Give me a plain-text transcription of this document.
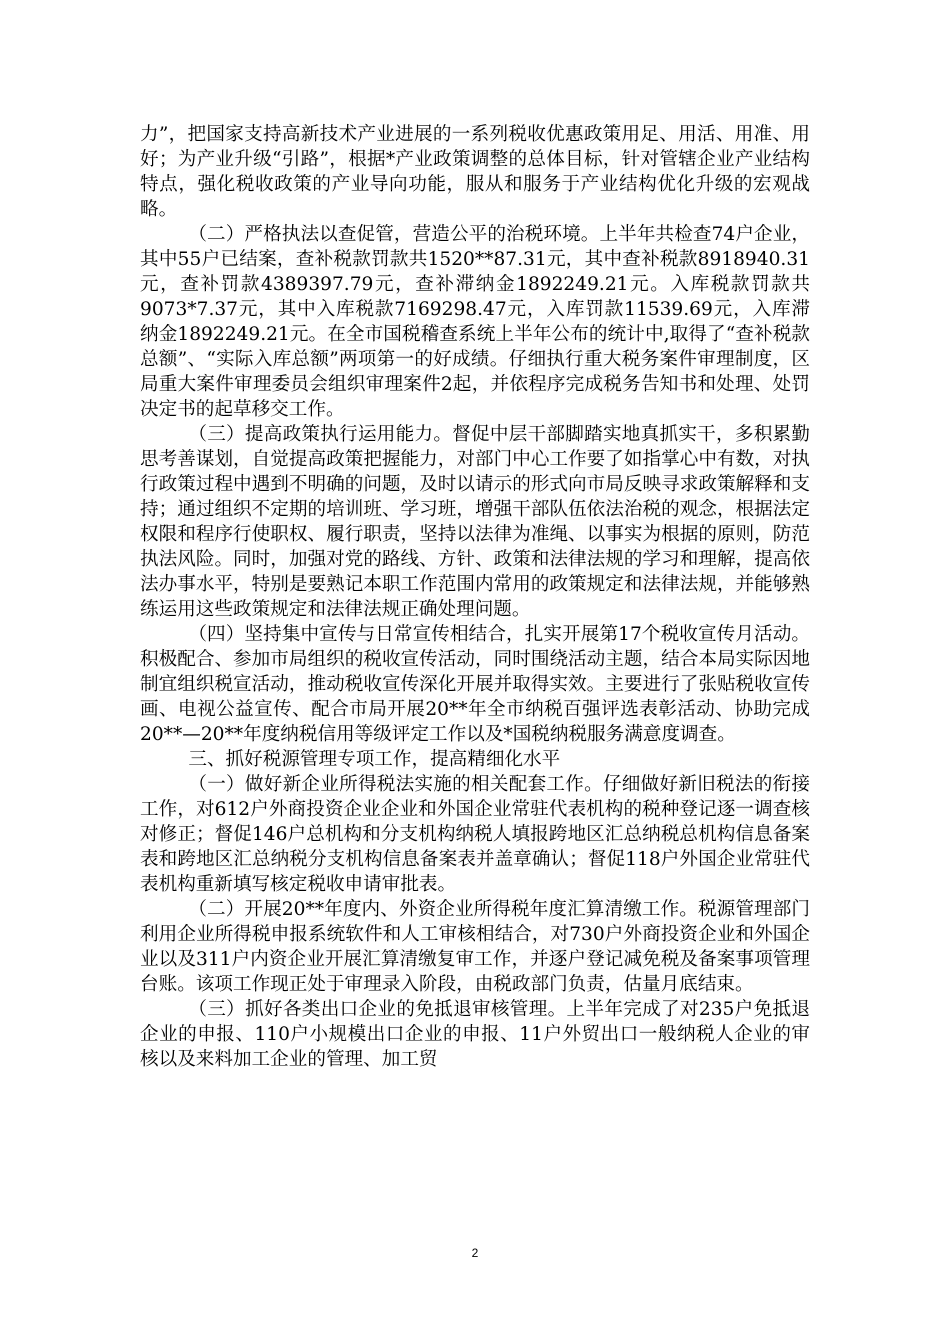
力”，把国家支持高新技术产业进展的一系列税收优惠政策用足、用活、用准、用好；为产业升级“引路”，根据*产业政策调整的总体目标，针对管辖企业产业结构特点，强化税收政策的产业导向功能，服从和服务于产业结构优化升级的宏观战略。

（二）严格执法以查促管，营造公平的治税环境。上半年共检查74户企业，其中55户已结案，查补税款罚款共1520**87.31元，其中查补税款8918940.31元，查补罚款4389397.79元，查补滞纳金1892249.21元。入库税款罚款共9073*7.37元，其中入库税款7169298.47元，入库罚款11539.69元，入库滞纳金1892249.21元。在全市国税稽查系统上半年公布的统计中,取得了“查补税款总额”、“实际入库总额”两项第一的好成绩。仔细执行重大税务案件审理制度，区局重大案件审理委员会组织审理案件2起，并依程序完成税务告知书和处理、处罚决定书的起草移交工作。

（三）提高政策执行运用能力。督促中层干部脚踏实地真抓实干，多积累勤思考善谋划，自觉提高政策把握能力，对部门中心工作要了如指掌心中有数，对执行政策过程中遇到不明确的问题，及时以请示的形式向市局反映寻求政策解释和支持；通过组织不定期的培训班、学习班，增强干部队伍依法治税的观念，根据法定权限和程序行使职权、履行职责，坚持以法律为准绳、以事实为根据的原则，防范执法风险。同时，加强对党的路线、方针、政策和法律法规的学习和理解，提高依法办事水平，特别是要熟记本职工作范围内常用的政策规定和法律法规，并能够熟练运用这些政策规定和法律法规正确处理问题。

（四）坚持集中宣传与日常宣传相结合，扎实开展第17个税收宣传月活动。积极配合、参加市局组织的税收宣传活动，同时围绕活动主题，结合本局实际因地制宜组织税宣活动，推动税收宣传深化开展并取得实效。主要进行了张贴税收宣传画、电视公益宣传、配合市局开展20**年全市纳税百强评选表彰活动、协助完成20**—20**年度纳税信用等级评定工作以及*国税纳税服务满意度调查。

三、抓好税源管理专项工作，提高精细化水平

（一）做好新企业所得税法实施的相关配套工作。仔细做好新旧税法的衔接工作，对612户外商投资企业企业和外国企业常驻代表机构的税种登记逐一调查核对修正；督促146户总机构和分支机构纳税人填报跨地区汇总纳税总机构信息备案表和跨地区汇总纳税分支机构信息备案表并盖章确认；督促118户外国企业常驻代表机构重新填写核定税收申请审批表。

（二）开展20**年度内、外资企业所得税年度汇算清缴工作。税源管理部门利用企业所得税申报系统软件和人工审核相结合，对730户外商投资企业和外国企业以及311户内资企业开展汇算清缴复审工作，并逐户登记减免税及备案事项管理台账。该项工作现正处于审理录入阶段，由税政部门负责，估量月底结束。

（三）抓好各类出口企业的免抵退审核管理。上半年完成了对235户免抵退企业的申报、110户小规模出口企业的申报、11户外贸出口一般纳税人企业的审核以及来料加工企业的管理、加工贸

2
